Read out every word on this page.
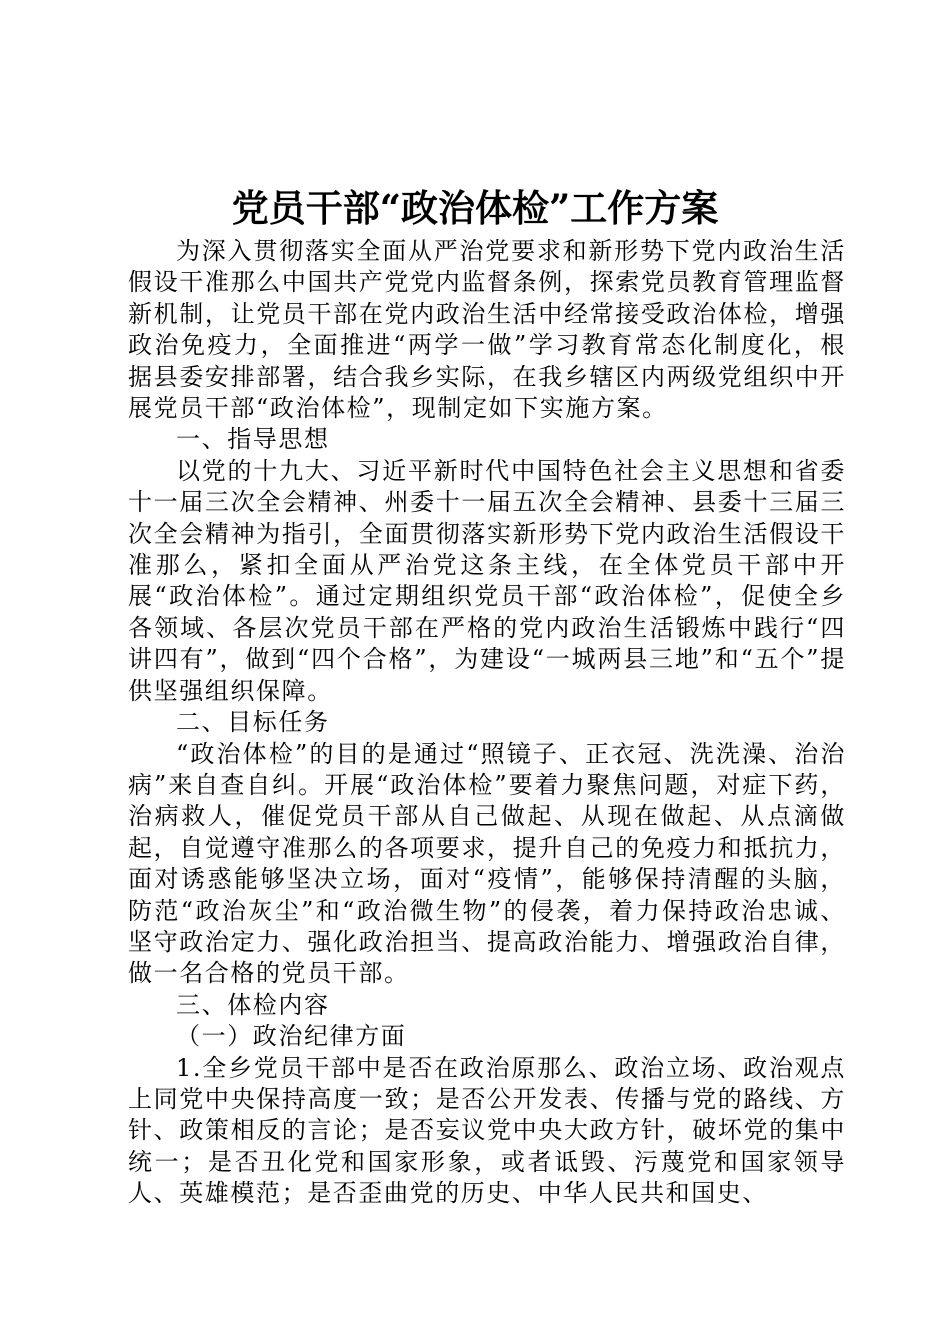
党员干部“政治体检”工作方案

为深入贯彻落实全面从严治党要求和新形势下党内政治生活假设干准那么中国共产党党内监督条例，探索党员教育管理监督新机制，让党员干部在党内政治生活中经常接受政治体检，增强政治免疫力，全面推进“两学一做”学习教育常态化制度化，根据县委安排部署，结合我乡实际，在我乡辖区内两级党组织中开展党员干部“政治体检”，现制定如下实施方案。

一、指导思想

以党的十九大、习近平新时代中国特色社会主义思想和省委十一届三次全会精神、州委十一届五次全会精神、县委十三届三次全会精神为指引，全面贯彻落实新形势下党内政治生活假设干准那么，紧扣全面从严治党这条主线，在全体党员干部中开展“政治体检”。通过定期组织党员干部“政治体检”，促使全乡各领域、各层次党员干部在严格的党内政治生活锻炼中践行“四讲四有”，做到“四个合格”，为建设“一城两县三地”和“五个”提供坚强组织保障。

二、目标任务

“政治体检”的目的是通过“照镜子、正衣冠、洗洗澡、治治病”来自查自纠。开展“政治体检”要着力聚焦问题，对症下药，治病救人，催促党员干部从自己做起、从现在做起、从点滴做起，自觉遵守准那么的各项要求，提升自己的免疫力和抵抗力，面对诱惑能够坚决立场，面对“疫情”，能够保持清醒的头脑，防范“政治灰尘”和“政治微生物”的侵袭，着力保持政治忠诚、坚守政治定力、强化政治担当、提高政治能力、增强政治自律，做一名合格的党员干部。

三、体检内容

（一）政治纪律方面

1.全乡党员干部中是否在政治原那么、政治立场、政治观点上同党中央保持高度一致；是否公开发表、传播与党的路线、方针、政策相反的言论；是否妄议党中央大政方针，破坏党的集中统一；是否丑化党和国家形象，或者诋毁、污蔑党和国家领导人、英雄模范；是否歪曲党的历史、中华人民共和国史、
